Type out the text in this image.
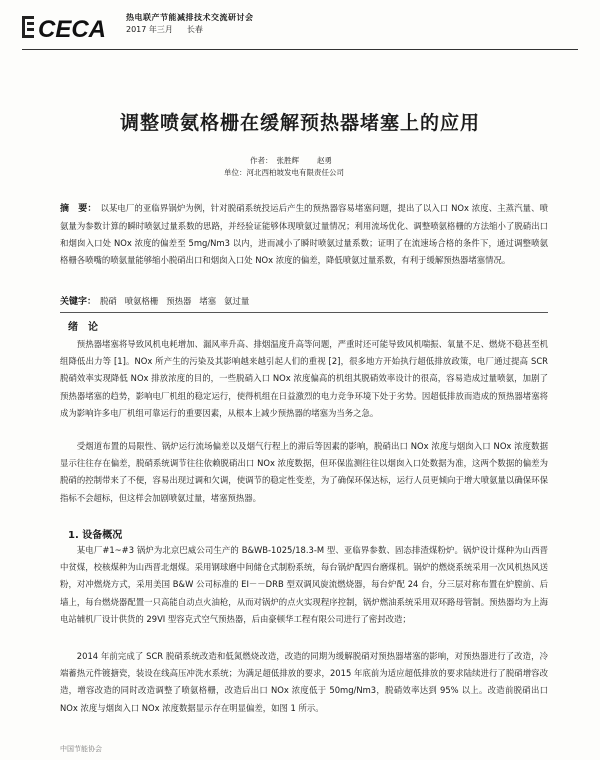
CECA 热电联产节能减排技术交流研讨会
2017 年三月 长春
调整喷氨格栅在缓解预热器堵塞上的应用
作者： 张胜辉 赵勇
单位：河北西柏坡发电有限责任公司
摘　要： 以某电厂的亚临界锅炉为例，针对脱硝系统投运后产生的预热器容易堵塞问题，提出了以入口 NOx 浓度、主蒸汽量、喷氨量为参数计算的瞬时喷氨过量系数的思路，并经验证能够体现喷氨过量情况；利用流场优化、调整喷氨格栅的方法缩小了脱硝出口和烟囱入口处 NOx 浓度的偏差至 5mg/Nm3 以内，进而减小了瞬时喷氨过量系数；证明了在流速场合格的条件下，通过调整喷氨格栅各喷嘴的喷氨量能够缩小脱硝出口和烟囱入口处 NOx 浓度的偏差，降低喷氨过量系数，有利于缓解预热器堵塞情况。
关键字： 脱硝 喷氨格栅 预热器 堵塞 氨过量
绪　论
预热器堵塞将导致风机电耗增加、漏风率升高、排烟温度升高等问题，严重时还可能导致风机喘振、氧量不足、燃烧不稳甚至机组降低出力等 [1]。NOx 所产生的污染及其影响越来越引起人们的重视 [2]，很多地方开始执行超低排放政策，电厂通过提高 SCR 脱硝效率实现降低 NOx 排放浓度的目的，一些脱硝入口 NOx 浓度偏高的机组其脱硝效率设计的很高，容易造成过量喷氨，加剧了预热器堵塞的趋势，影响电厂机组的稳定运行，使得机组在日益激烈的电力竞争环境下处于劣势。因超低排放而造成的预热器堵塞将成为影响许多电厂机组可靠运行的重要因素，从根本上减少预热器的堵塞为当务之急。
受烟道布置的局限性、锅炉运行流场偏差以及烟气行程上的滞后等因素的影响，脱硝出口 NOx 浓度与烟囱入口 NOx 浓度数据显示往往存在偏差，脱硝系统调节往往依赖脱硝出口 NOx 浓度数据，但环保监测往往以烟囱入口处数据为准，这两个数据的偏差为脱硝的控制带来了不便，容易出现过调和欠调，使调节的稳定性变差，为了确保环保达标，运行人员更倾向于增大喷氨量以确保环保指标不会超标，但这样会加剧喷氨过量，堵塞预热器。
1. 设备概况
某电厂#1~#3 锅炉为北京巴威公司生产的 B&WB-1025/18.3-M 型、亚临界参数、固态排渣煤粉炉。锅炉设计煤种为山西晋中贫煤，校核煤种为山西晋北烟煤。采用钢球磨中间储仓式制粉系统，每台锅炉配四台磨煤机。锅炉的燃烧系统采用一次风机热风送粉，对冲燃烧方式，采用美国 B&W 公司标准的 EI－－DRB 型双调风旋流燃烧器，每台炉配 24 台，分三层对称布置在炉膛前、后墙上，每台燃烧器配置一只高能自动点火油枪，从而对锅炉的点火实现程序控制，锅炉燃油系统采用双环路母管制。预热器均为上海电站辅机厂设计供货的 29VI 型容克式空气预热器，后由豪顿华工程有限公司进行了密封改造；
2014 年前完成了 SCR 脱硝系统改造和低氮燃烧改造，改造的同期为缓解脱硝对预热器堵塞的影响，对预热器进行了改造，冷端蓄热元件镀搪瓷，装设在线高压冲洗水系统；为满足超低排放的要求，2015 年底前为适应超低排放的要求陆续进行了脱硝增容改造，增容改造的同时改造调整了喷氨格栅，改造后出口 NOx 浓度低于 50mg/Nm3，脱硝效率达到 95% 以上。改造前脱硝出口 NOx 浓度与烟囱入口 NOx 浓度数据显示存在明显偏差，如图 1 所示。
中国节能协会
